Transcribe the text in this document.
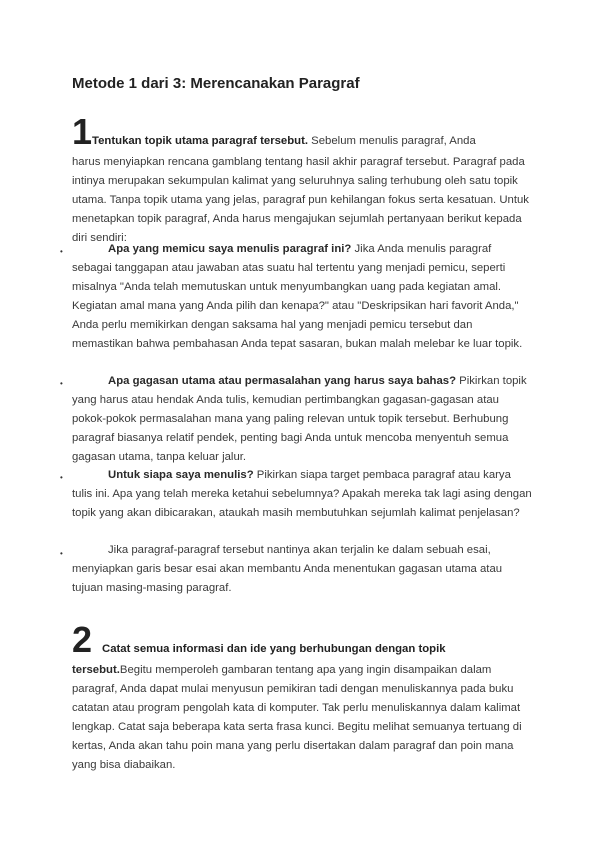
Metode 1 dari 3: Merencanakan Paragraf
1Tentukan topik utama paragraf tersebut. Sebelum menulis paragraf, Anda

harus menyiapkan rencana gamblang tentang hasil akhir paragraf tersebut. Paragraf pada intinya merupakan sekumpulan kalimat yang seluruhnya saling terhubung oleh satu topik utama. Tanpa topik utama yang jelas, paragraf pun kehilangan fokus serta kesatuan. Untuk menetapkan topik paragraf, Anda harus mengajukan sejumlah pertanyaan berikut kepada diri sendiri:

•	Apa yang memicu saya menulis paragraf ini? Jika Anda menulis paragraf sebagai tanggapan atau jawaban atas suatu hal tertentu yang menjadi pemicu, seperti misalnya "Anda telah memutuskan untuk menyumbangkan uang pada kegiatan amal. Kegiatan amal mana yang Anda pilih dan kenapa?" atau "Deskripsikan hari favorit Anda," Anda perlu memikirkan dengan saksama hal yang menjadi pemicu tersebut dan memastikan bahwa pembahasan Anda tepat sasaran, bukan malah melebar ke luar topik.

•	Apa gagasan utama atau permasalahan yang harus saya bahas? Pikirkan topik yang harus atau hendak Anda tulis, kemudian pertimbangkan gagasan-gagasan atau pokok-pokok permasalahan mana yang paling relevan untuk topik tersebut. Berhubung paragraf biasanya relatif pendek, penting bagi Anda untuk mencoba menyentuh semua gagasan utama, tanpa keluar jalur.

•	Untuk siapa saya menulis? Pikirkan siapa target pembaca paragraf atau karya tulis ini. Apa yang telah mereka ketahui sebelumnya? Apakah mereka tak lagi asing dengan topik yang akan dibicarakan, ataukah masih membutuhkan sejumlah kalimat penjelasan?

•	Jika paragraf-paragraf tersebut nantinya akan terjalin ke dalam sebuah esai, menyiapkan garis besar esai akan membantu Anda menentukan gagasan utama atau tujuan masing-masing paragraf.

2 Catat semua informasi dan ide yang berhubungan dengan topik

tersebut.Begitu memperoleh gambaran tentang apa yang ingin disampaikan dalam paragraf, Anda dapat mulai menyusun pemikiran tadi dengan menuliskannya pada buku catatan atau program pengolah kata di komputer. Tak perlu menuliskannya dalam kalimat lengkap. Catat saja beberapa kata serta frasa kunci. Begitu melihat semuanya tertuang di kertas, Anda akan tahu poin mana yang perlu disertakan dalam paragraf dan poin mana yang bisa diabaikan.
